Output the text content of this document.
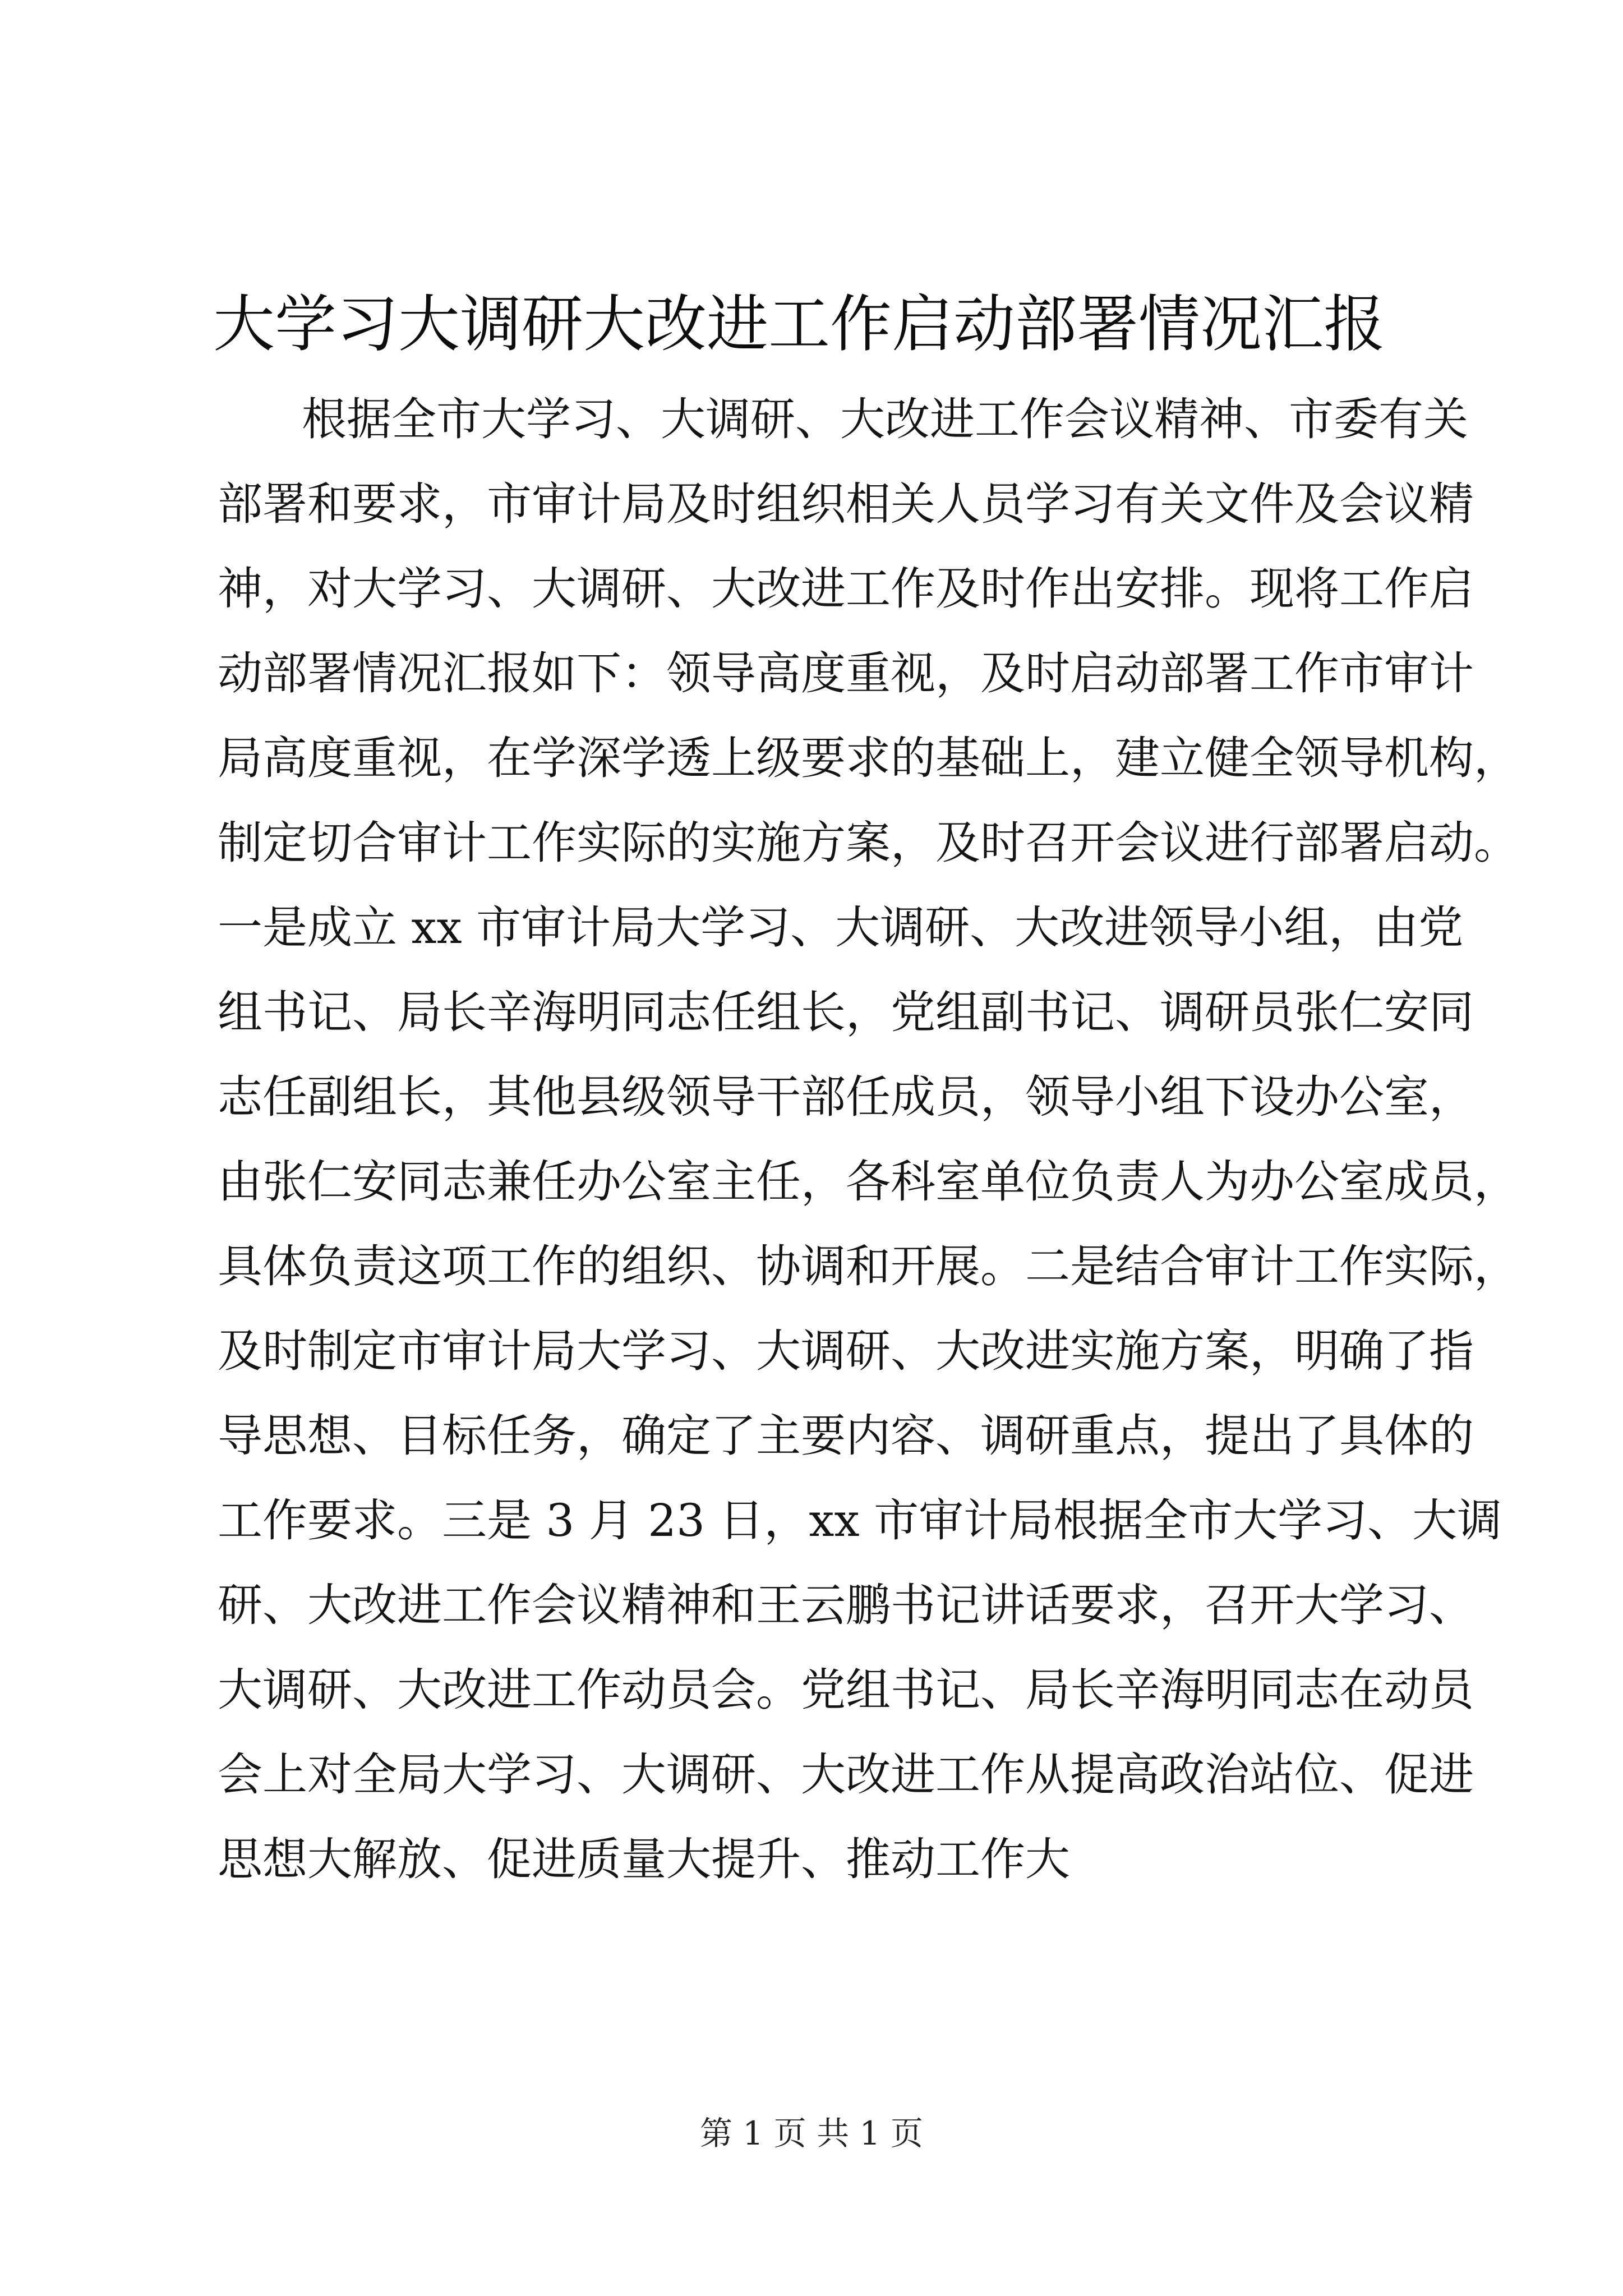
大学习大调研大改进工作启动部署情况汇报
根据全市大学习、大调研、大改进工作会议精神、市委有关
部署和要求，市审计局及时组织相关人员学习有关文件及会议精
神，对大学习、大调研、大改进工作及时作出安排。现将工作启
动部署情况汇报如下：领导高度重视，及时启动部署工作市审计
局高度重视，在学深学透上级要求的基础上，建立健全领导机构，
制定切合审计工作实际的实施方案，及时召开会议进行部署启动。
一是成立 xx 市审计局大学习、大调研、大改进领导小组，由党
组书记、局长辛海明同志任组长，党组副书记、调研员张仁安同
志任副组长，其他县级领导干部任成员，领导小组下设办公室，
由张仁安同志兼任办公室主任，各科室单位负责人为办公室成员，
具体负责这项工作的组织、协调和开展。二是结合审计工作实际，
及时制定市审计局大学习、大调研、大改进实施方案，明确了指
导思想、目标任务，确定了主要内容、调研重点，提出了具体的
工作要求。三是 3 月 23 日，xx 市审计局根据全市大学习、大调
研、大改进工作会议精神和王云鹏书记讲话要求，召开大学习、
大调研、大改进工作动员会。党组书记、局长辛海明同志在动员
会上对全局大学习、大调研、大改进工作从提高政治站位、促进
思想大解放、促进质量大提升、推动工作大
第 1 页 共 1 页
